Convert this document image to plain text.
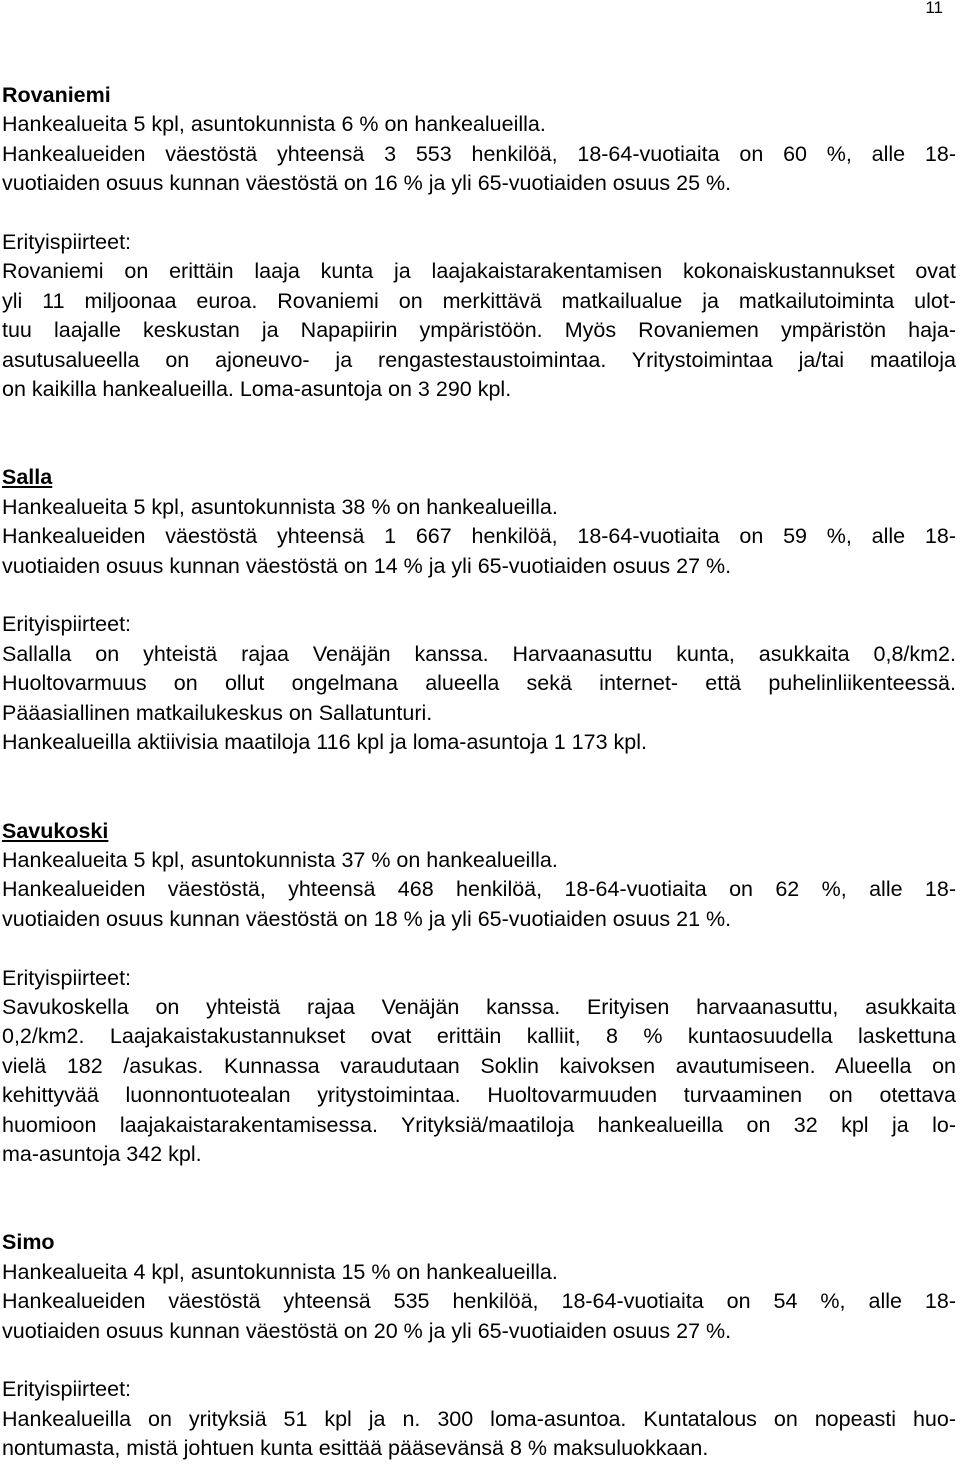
11
Rovaniemi
Hankealueita 5 kpl, asuntokunnista 6 % on hankealueilla.
Hankealueiden väestöstä yhteensä 3 553 henkilöä, 18-64-vuotiaita on 60 %, alle 18-
vuotiaiden osuus kunnan väestöstä on 16 % ja yli 65-vuotiaiden osuus 25 %.
Erityispiirteet:
Rovaniemi on erittäin laaja kunta ja laajakaistarakentamisen kokonaiskustannukset ovat
yli 11 miljoonaa euroa. Rovaniemi on merkittävä matkailualue ja matkailutoiminta ulot-
tuu laajalle keskustan ja Napapiirin ympäristöön. Myös Rovaniemen ympäristön haja-
asutusalueella on ajoneuvo- ja rengastestaustoimintaa. Yritystoimintaa ja/tai maatiloja
on kaikilla hankealueilla. Loma-asuntoja on 3 290 kpl.
Salla
Hankealueita 5 kpl, asuntokunnista 38 % on hankealueilla.
Hankealueiden väestöstä yhteensä 1 667 henkilöä, 18-64-vuotiaita on 59 %, alle 18-
vuotiaiden osuus kunnan väestöstä on 14 % ja yli 65-vuotiaiden osuus 27 %.
Erityispiirteet:
Sallalla on yhteistä rajaa Venäjän kanssa. Harvaanasuttu kunta, asukkaita 0,8/km2.
Huoltovarmuus on ollut ongelmana alueella sekä internet- että puhelinliikenteessä.
Pääasiallinen matkailukeskus on Sallatunturi.
Hankealueilla aktiivisia maatiloja 116 kpl ja loma-asuntoja 1 173 kpl.
Savukoski
Hankealueita 5 kpl, asuntokunnista 37 % on hankealueilla.
Hankealueiden väestöstä, yhteensä 468 henkilöä, 18-64-vuotiaita on 62 %, alle 18-
vuotiaiden osuus kunnan väestöstä on 18 % ja yli 65-vuotiaiden osuus 21 %.
Erityispiirteet:
Savukoskella on yhteistä rajaa Venäjän kanssa. Erityisen harvaanasuttu, asukkaita
0,2/km2. Laajakaistakustannukset ovat erittäin kalliit, 8 % kuntaosuudella laskettuna
vielä 182 /asukas. Kunnassa varaudutaan Soklin kaivoksen avautumiseen. Alueella on
kehittyvää luonnontuotealan yritystoimintaa. Huoltovarmuuden turvaaminen on otettava
huomioon laajakaistarakentamisessa. Yrityksiä/maatiloja hankealueilla on 32 kpl ja lo-
ma-asuntoja 342 kpl.
Simo
Hankealueita 4 kpl, asuntokunnista 15 % on hankealueilla.
Hankealueiden väestöstä yhteensä 535 henkilöä, 18-64-vuotiaita on 54 %, alle 18-
vuotiaiden osuus kunnan väestöstä on 20 % ja yli 65-vuotiaiden osuus 27 %.
Erityispiirteet:
Hankealueilla on yrityksiä 51 kpl ja n. 300 loma-asuntoa. Kuntatalous on nopeasti huo-
nontumasta, mistä johtuen kunta esittää pääsevänsä 8 % maksuluokkaan.
